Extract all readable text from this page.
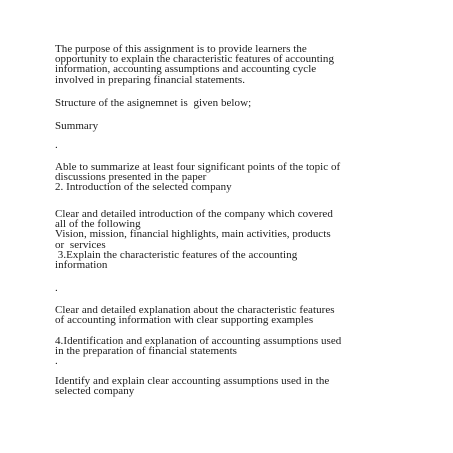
The purpose of this assignment is to provide learners the
opportunity to explain the characteristic features of accounting
information, accounting assumptions and accounting cycle
involved in preparing financial statements.
Structure of the asignemnet is  given below;
Summary
.
Able to summarize at least four significant points of the topic of
discussions presented in the paper
2. Introduction of the selected company
Clear and detailed introduction of the company which covered
all of the following
Vision, mission, financial highlights, main activities, products
or  services
3.Explain the characteristic features of the accounting
information
.
Clear and detailed explanation about the characteristic features
of accounting information with clear supporting examples
4.Identification and explanation of accounting assumptions used
in the preparation of financial statements
.
Identify and explain clear accounting assumptions used in the
selected company
